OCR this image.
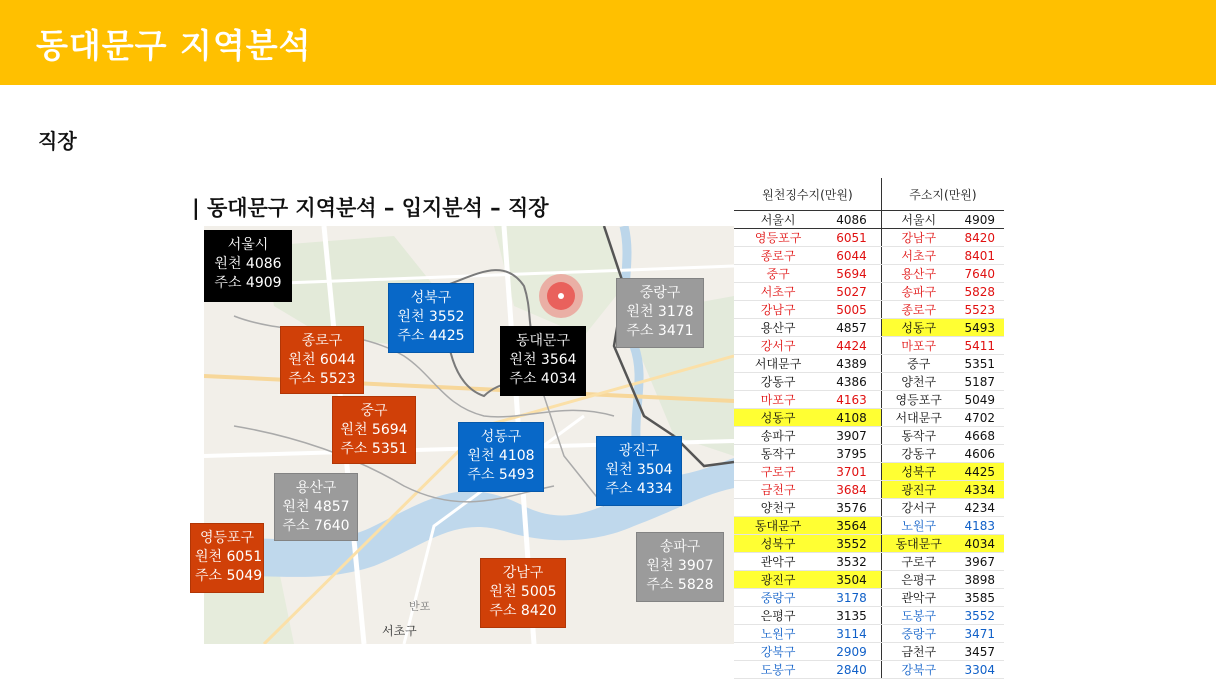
동대문구 지역분석
직장
| 동대문구 지역분석 – 입지분석 – 직장
서초구
반포
서울시
원천 4086
주소 4909
성북구
원천 3552
주소 4425
중랑구
원천 3178
주소 3471
동대문구
원천 3564
주소 4034
종로구
원천 6044
주소 5523
중구
원천 5694
주소 5351
성동구
원천 4108
주소 5493
광진구
원천 3504
주소 4334
용산구
원천 4857
주소 7640
영등포구
원천 6051
주소 5049
송파구
원천 3907
주소 5828
강남구
원천 5005
주소 8420
원천징수지(만원)		주소지(만원)	
서울시	4086	서울시	4909
영등포구	6051	강남구	8420
종로구	6044	서초구	8401
중구	5694	용산구	7640
서초구	5027	송파구	5828
강남구	5005	종로구	5523
용산구	4857	성동구	5493
강서구	4424	마포구	5411
서대문구	4389	중구	5351
강동구	4386	양천구	5187
마포구	4163	영등포구	5049
성동구	4108	서대문구	4702
송파구	3907	동작구	4668
동작구	3795	강동구	4606
구로구	3701	성북구	4425
금천구	3684	광진구	4334
양천구	3576	강서구	4234
동대문구	3564	노원구	4183
성북구	3552	동대문구	4034
관악구	3532	구로구	3967
광진구	3504	은평구	3898
중랑구	3178	관악구	3585
은평구	3135	도봉구	3552
노원구	3114	중랑구	3471
강북구	2909	금천구	3457
도봉구	2840	강북구	3304
